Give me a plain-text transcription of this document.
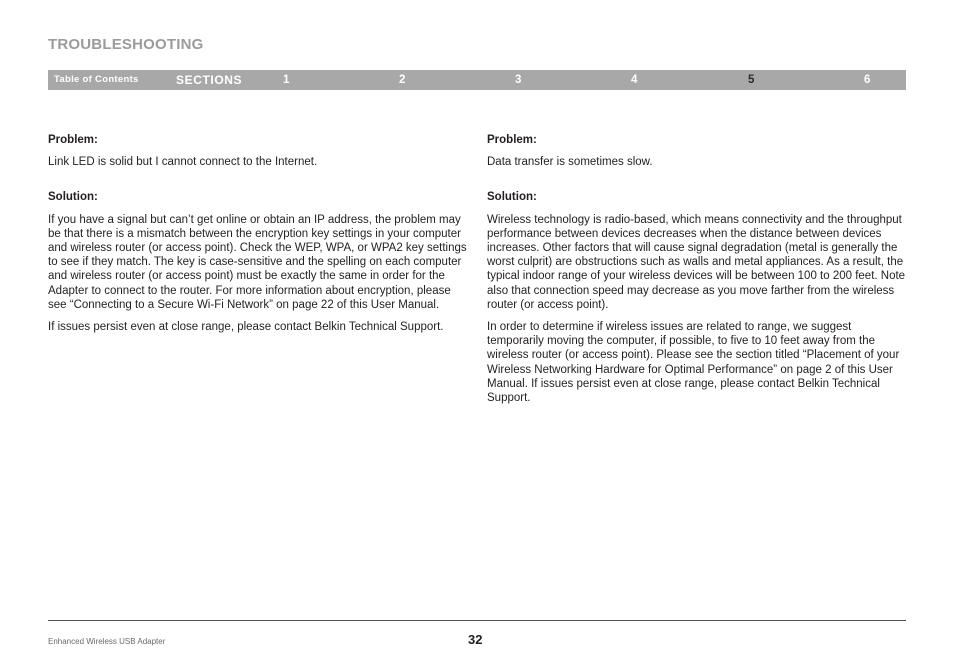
TROUBLESHOOTING
Table of Contents	SECTIONS	1	2	3	4	5	6

Problem:

Link LED is solid but I cannot connect to the Internet.

Solution:

If you have a signal but can’t get online or obtain an IP address, the problem may be that there is a mismatch between the encryption key settings in your computer and wireless router (or access point). Check the WEP, WPA, or WPA2 key settings to see if they match. The key is case-sensitive and the spelling on each computer and wireless router (or access point) must be exactly the same in order for the Adapter to connect to the router. For more information about encryption, please see “Connecting to a Secure Wi-Fi Network” on page 22 of this User Manual.

If issues persist even at close range, please contact Belkin Technical Support.

Problem:

Data transfer is sometimes slow.

Solution:

Wireless technology is radio-based, which means connectivity and the throughput performance between devices decreases when the distance between devices increases. Other factors that will cause signal degradation (metal is generally the worst culprit) are obstructions such as walls and metal appliances. As a result, the typical indoor range of your wireless devices will be between 100 to 200 feet. Note also that connection speed may decrease as you move farther from the wireless router (or access point).

In order to determine if wireless issues are related to range, we suggest temporarily moving the computer, if possible, to five to 10 feet away from the wireless router (or access point). Please see the section titled “Placement of your Wireless Networking Hardware for Optimal Performance” on page 2 of this User Manual. If issues persist even at close range, please contact Belkin Technical Support.

Enhanced Wireless USB Adapter	32
